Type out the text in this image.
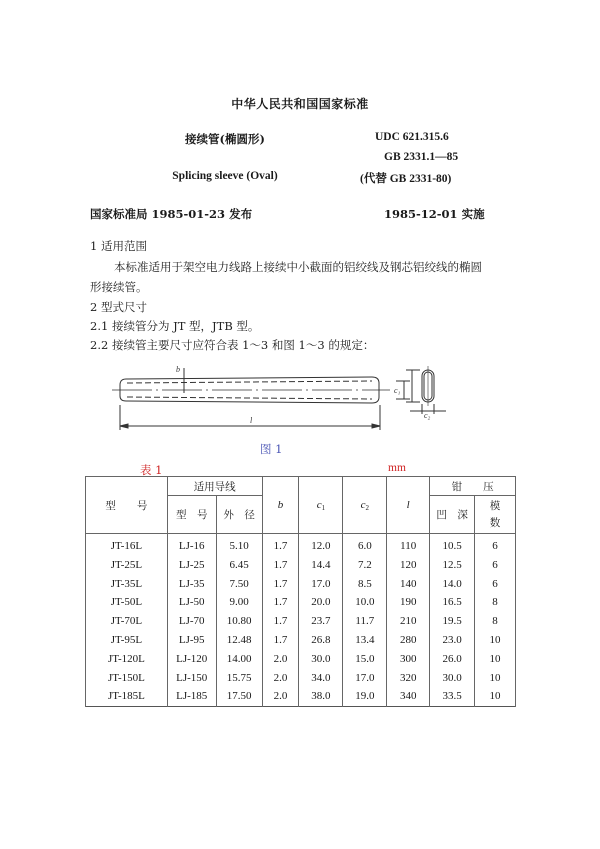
中华人民共和国国家标准
接续管(椭圆形)
Splicing sleeve (Oval)
UDC 621.315.6
GB 2331.1—85
(代替 GB 2331-80)
国家标准局 1985-01-23 发布	1985-12-01 实施
1 适用范围
本标准适用于架空电力线路上接续中小截面的铝绞线及钢芯铝绞线的椭圆
形接续管。
2 型式尺寸
2.1 接续管分为 JT 型，JTB 型。
2.2 接续管主要尺寸应符合表 1～3 和图 1～3 的规定：
b
c₁
l
c₂
图 1
表 1	mm
型　　号	适用导线		b	$c_1$	$c_2$	l	钳　　压	
	型　号	外　径					凹　深	模
数
JT-16L	LJ-16	5.10	1.7	12.0	6.0	110	10.5	6
JT-25L	LJ-25	6.45	1.7	14.4	7.2	120	12.5	6
JT-35L	LJ-35	7.50	1.7	17.0	8.5	140	14.0	6
JT-50L	LJ-50	9.00	1.7	20.0	10.0	190	16.5	8
JT-70L	LJ-70	10.80	1.7	23.7	11.7	210	19.5	8
JT-95L	LJ-95	12.48	1.7	26.8	13.4	280	23.0	10
JT-120L	LJ-120	14.00	2.0	30.0	15.0	300	26.0	10
JT-150L	LJ-150	15.75	2.0	34.0	17.0	320	30.0	10
JT-185L	LJ-185	17.50	2.0	38.0	19.0	340	33.5	10
